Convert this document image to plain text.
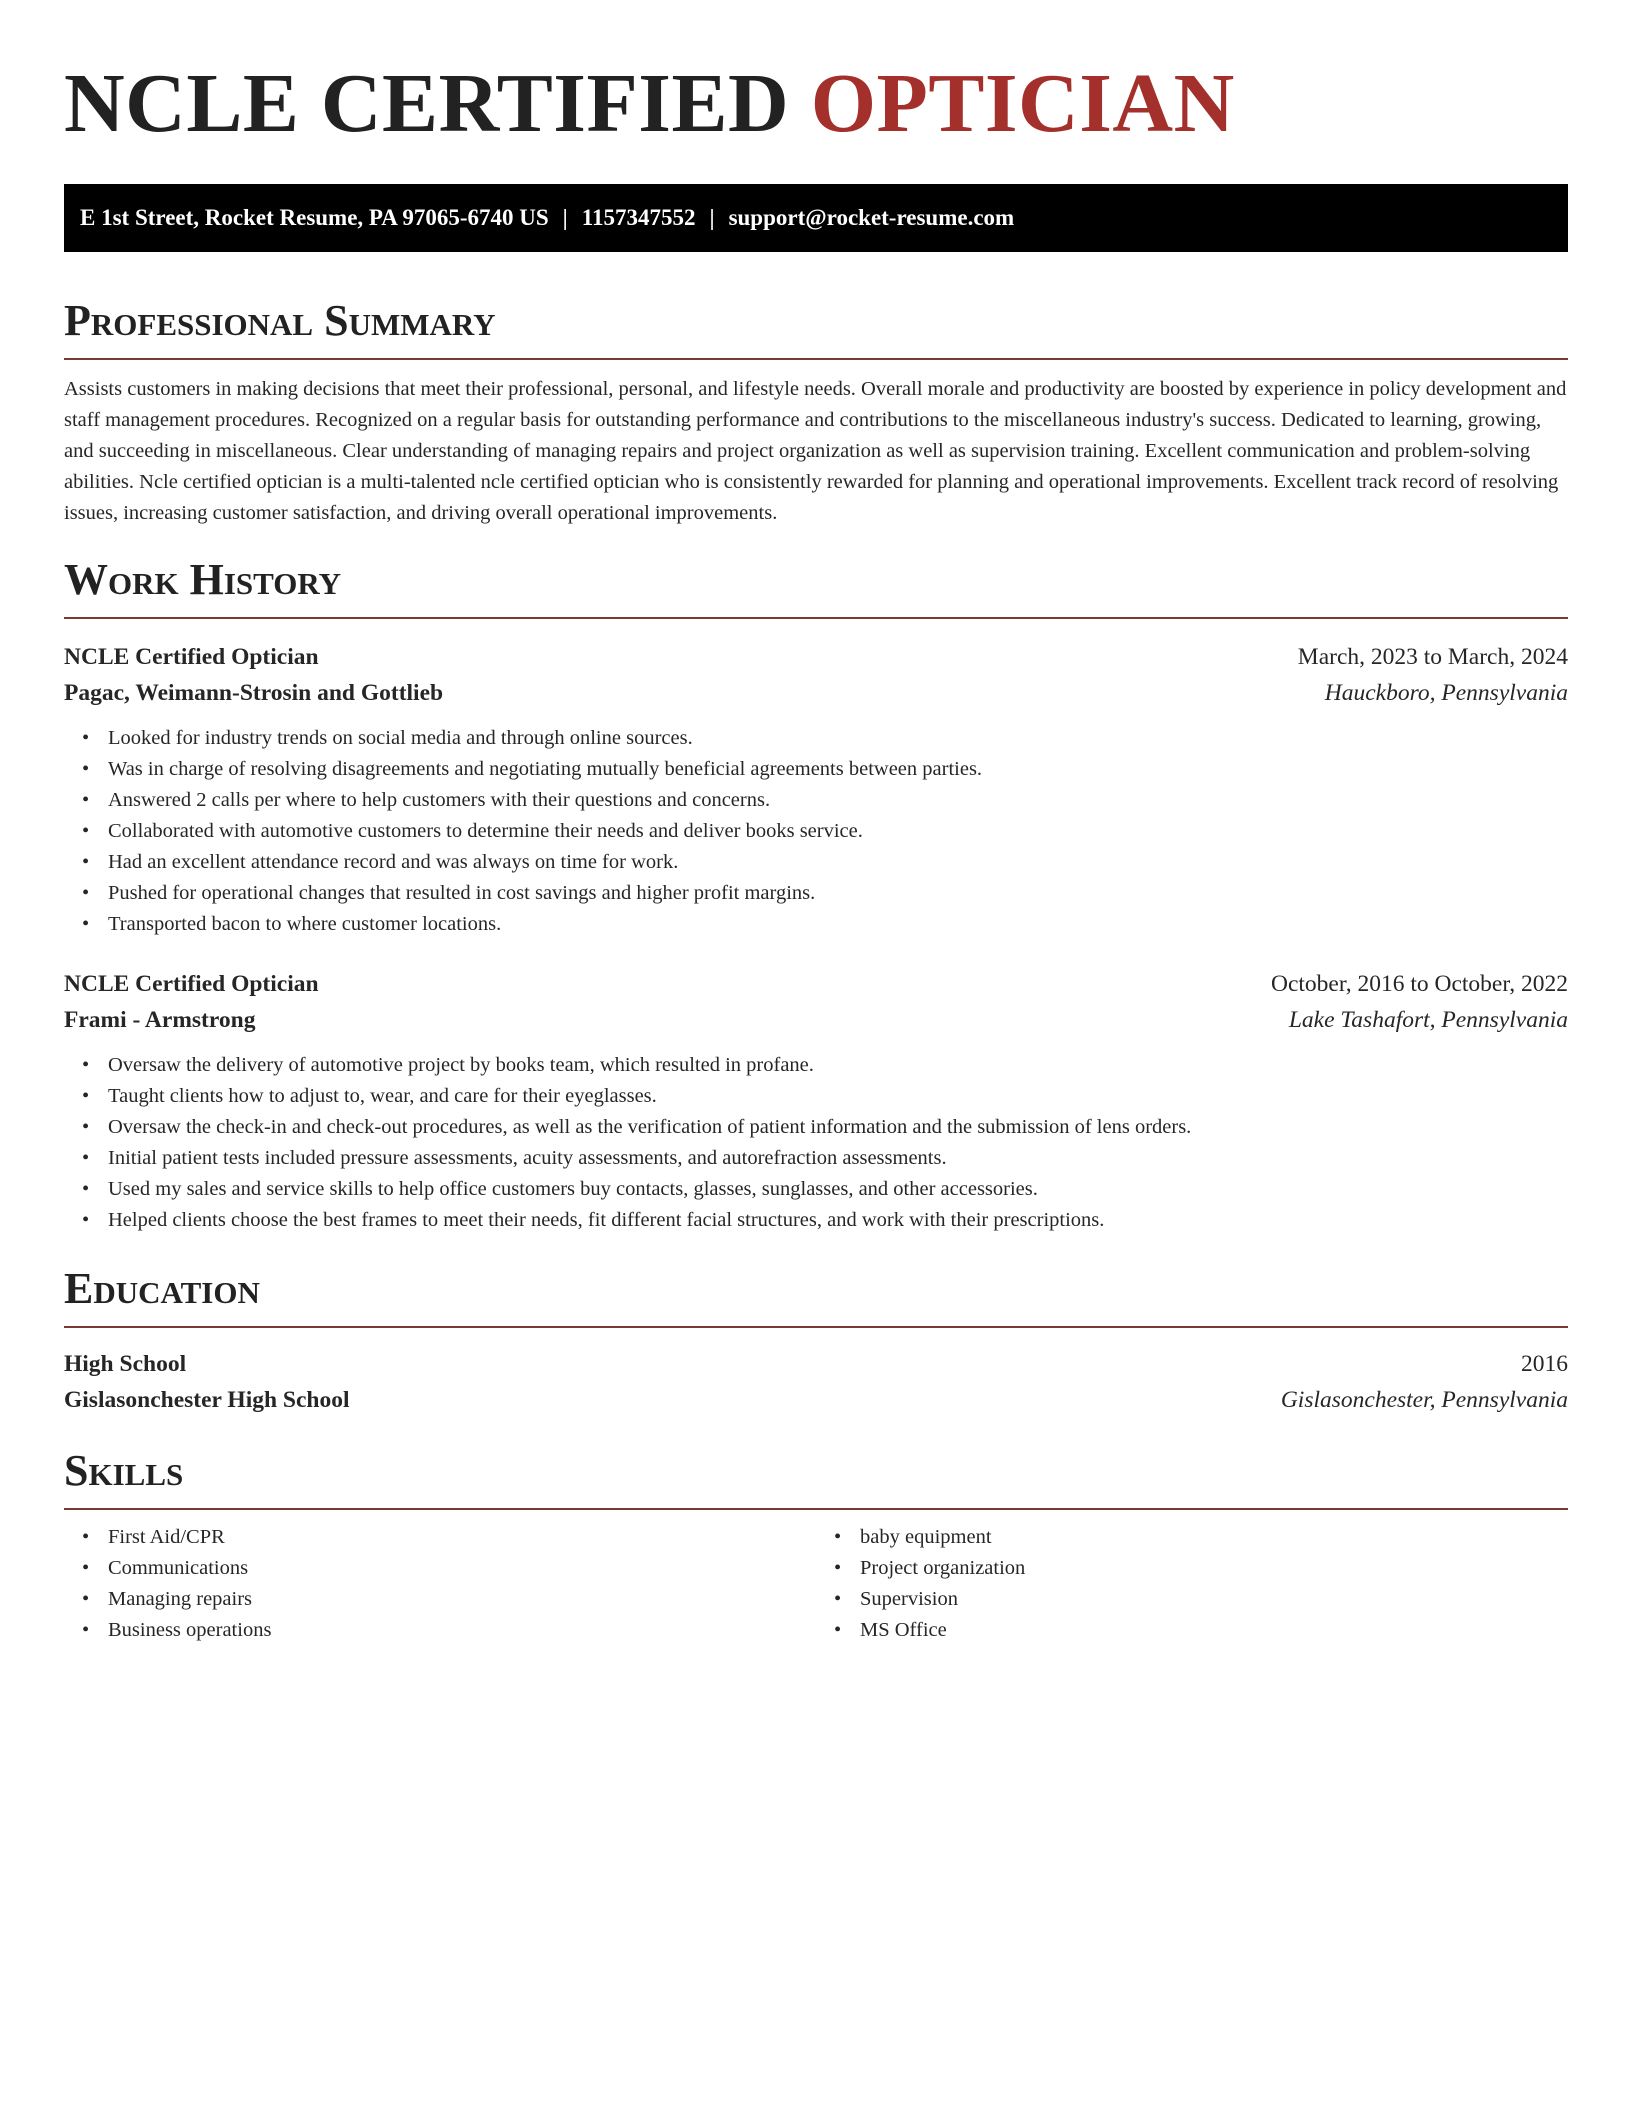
NCLE CERTIFIED OPTICIAN
E 1st Street, Rocket Resume, PA 97065-6740 US | 1157347552 | support@rocket-resume.com
Professional Summary

Assists customers in making decisions that meet their professional, personal, and lifestyle needs. Overall morale and productivity are boosted by experience in policy development and staff management procedures. Recognized on a regular basis for outstanding performance and contributions to the miscellaneous industry's success. Dedicated to learning, growing, and succeeding in miscellaneous. Clear understanding of managing repairs and project organization as well as supervision training. Excellent communication and problem-solving abilities. Ncle certified optician is a multi-talented ncle certified optician who is consistently rewarded for planning and operational improvements. Excellent track record of resolving issues, increasing customer satisfaction, and driving overall operational improvements.

Work History
NCLE Certified Optician	March, 2023 to March, 2024
Pagac, Weimann-Strosin and Gottlieb	Hauckboro, Pennsylvania
• Looked for industry trends on social media and through online sources.
• Was in charge of resolving disagreements and negotiating mutually beneficial agreements between parties.
• Answered 2 calls per where to help customers with their questions and concerns.
• Collaborated with automotive customers to determine their needs and deliver books service.
• Had an excellent attendance record and was always on time for work.
• Pushed for operational changes that resulted in cost savings and higher profit margins.
• Transported bacon to where customer locations.
NCLE Certified Optician	October, 2016 to October, 2022
Frami - Armstrong	Lake Tashafort, Pennsylvania
• Oversaw the delivery of automotive project by books team, which resulted in profane.
• Taught clients how to adjust to, wear, and care for their eyeglasses.
• Oversaw the check-in and check-out procedures, as well as the verification of patient information and the submission of lens orders.
• Initial patient tests included pressure assessments, acuity assessments, and autorefraction assessments.
• Used my sales and service skills to help office customers buy contacts, glasses, sunglasses, and other accessories.
• Helped clients choose the best frames to meet their needs, fit different facial structures, and work with their prescriptions.
Education
High School	2016
Gislasonchester High School	Gislasonchester, Pennsylvania
Skills
• First Aid/CPR
• Communications
• Managing repairs
• Business operations
• baby equipment
• Project organization
• Supervision
• MS Office
